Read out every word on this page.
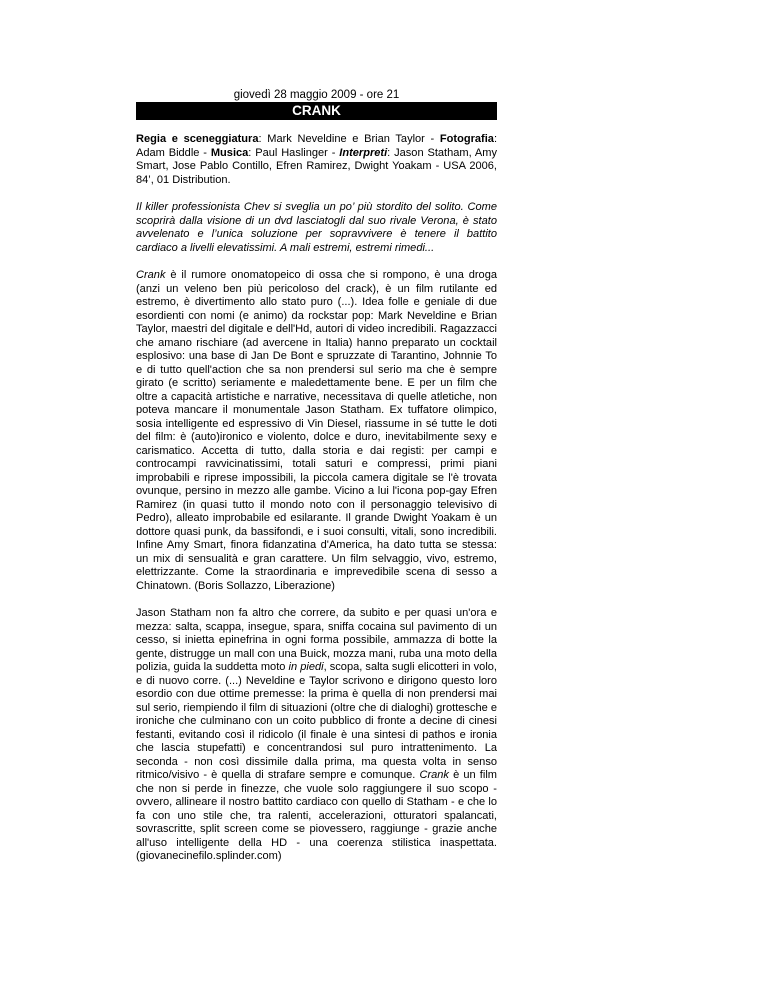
giovedì 28 maggio 2009 - ore 21

CRANK

Regia e sceneggiatura: Mark Neveldine e Brian Taylor - Fotografia: Adam Biddle - Musica: Paul Haslinger - Interpreti: Jason Statham, Amy Smart, Jose Pablo Contillo, Efren Ramirez, Dwight Yoakam - USA 2006, 84’, 01 Distribution.

Il killer professionista Chev si sveglia un po’ più stordito del solito. Come scoprirà dalla visione di un dvd lasciatogli dal suo rivale Verona, è stato avvelenato e l’unica soluzione per sopravvivere è tenere il battito cardiaco a livelli elevatissimi. A mali estremi, estremi rimedi...

Crank è il rumore onomatopeico di ossa che si rompono, è una droga (anzi un veleno ben più pericoloso del crack), è un film rutilante ed estremo, è divertimento allo stato puro (...). Idea folle e geniale di due esordienti con nomi (e animo) da rockstar pop: Mark Neveldine e Brian Taylor, maestri del digitale e dell'Hd, autori di video incredibili. Ragazzacci che amano rischiare (ad avercene in Italia) hanno preparato un cocktail esplosivo: una base di Jan De Bont e spruzzate di Tarantino, Johnnie To e di tutto quell'action che sa non prendersi sul serio ma che è sempre girato (e scritto) seriamente e maledettamente bene. E per un film che oltre a capacità artistiche e narrative, necessitava di quelle atletiche, non poteva mancare il monumentale Jason Statham. Ex tuffatore olimpico, sosia intelligente ed espressivo di Vin Diesel, riassume in sé tutte le doti del film: è (auto)ironico e violento, dolce e duro, inevitabilmente sexy e carismatico. Accetta di tutto, dalla storia e dai registi: per campi e controcampi ravvicinatissimi, totali saturi e compressi, primi piani improbabili e riprese impossibili, la piccola camera digitale se l'è trovata ovunque, persino in mezzo alle gambe. Vicino a lui l'icona pop-gay Efren Ramirez (in quasi tutto il mondo noto con il personaggio televisivo di Pedro), alleato improbabile ed esilarante. Il grande Dwight Yoakam è un dottore quasi punk, da bassifondi, e i suoi consulti, vitali, sono incredibili. Infine Amy Smart, finora fidanzatina d'America, ha dato tutta se stessa: un mix di sensualità e gran carattere. Un film selvaggio, vivo, estremo, elettrizzante. Come la straordinaria e imprevedibile scena di sesso a Chinatown. (Boris Sollazzo, Liberazione)

Jason Statham non fa altro che correre, da subito e per quasi un'ora e mezza: salta, scappa, insegue, spara, sniffa cocaina sul pavimento di un cesso, si inietta epinefrina in ogni forma possibile, ammazza di botte la gente, distrugge un mall con una Buick, mozza mani, ruba una moto della polizia, guida la suddetta moto in piedi, scopa, salta sugli elicotteri in volo, e di nuovo corre. (...) Neveldine e Taylor scrivono e dirigono questo loro esordio con due ottime premesse: la prima è quella di non prendersi mai sul serio, riempiendo il film di situazioni (oltre che di dialoghi) grottesche e ironiche che culminano con un coito pubblico di fronte a decine di cinesi festanti, evitando così il ridicolo (il finale è una sintesi di pathos e ironia che lascia stupefatti) e concentrandosi sul puro intrattenimento. La seconda - non così dissimile dalla prima, ma questa volta in senso ritmico/visivo - è quella di strafare sempre e comunque. Crank è un film che non si perde in finezze, che vuole solo raggiungere il suo scopo - ovvero, allineare il nostro battito cardiaco con quello di Statham - e che lo fa con uno stile che, tra ralenti, accelerazioni, otturatori spalancati, sovrascritte, split screen come se piovessero, raggiunge - grazie anche all'uso intelligente della HD - una coerenza stilistica inaspettata. (giovanecinefilo.splinder.com)
